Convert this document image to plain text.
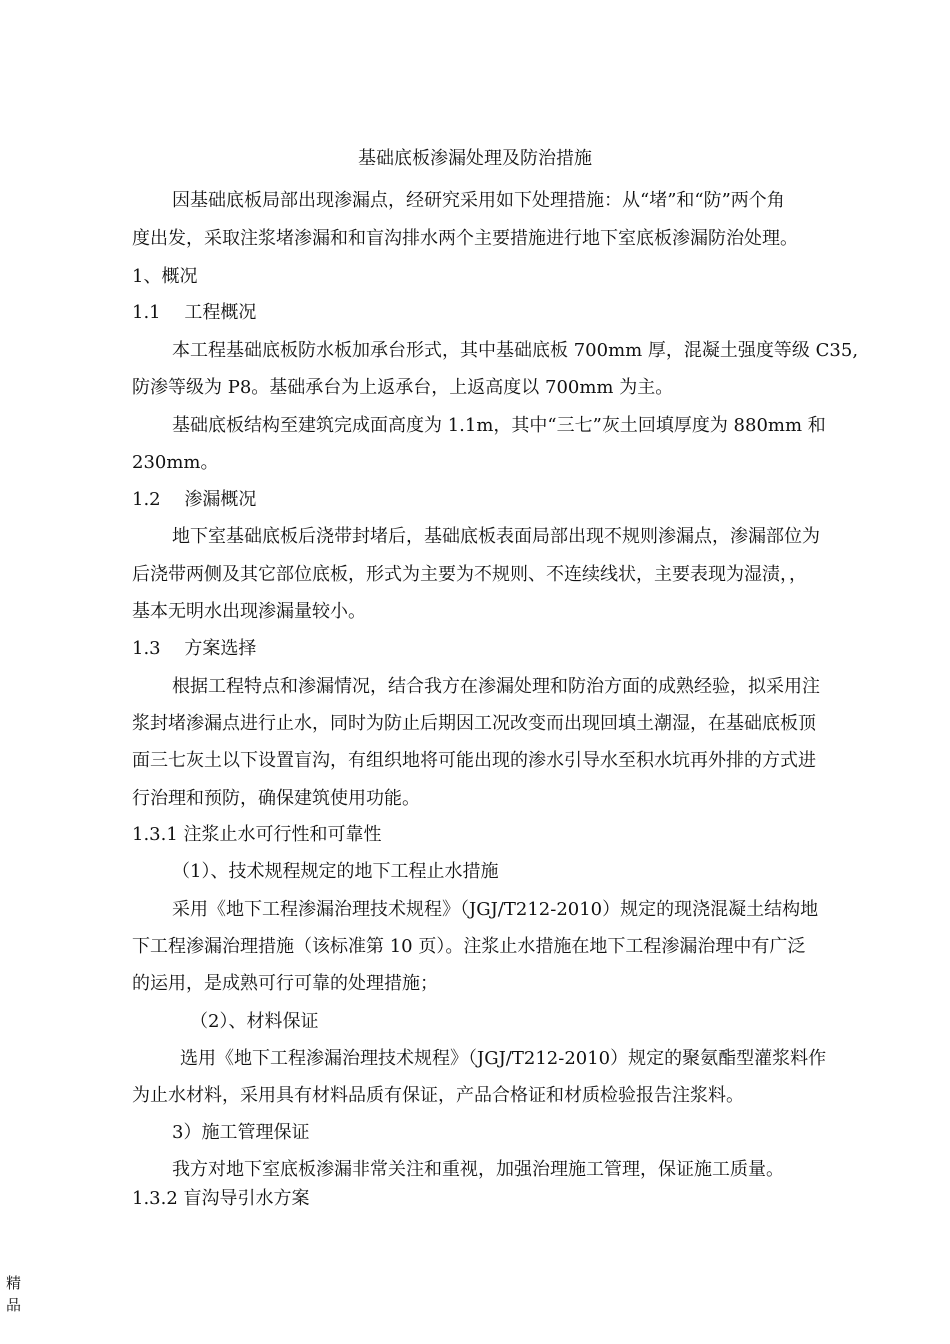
基础底板渗漏处理及防治措施
因基础底板局部出现渗漏点，经研究采用如下处理措施：从“堵”和“防”两个角
度出发，采取注浆堵渗漏和和盲沟排水两个主要措施进行地下室底板渗漏防治处理。
1、概况
1.1　 工程概况
本工程基础底板防水板加承台形式，其中基础底板 700mm 厚，混凝土强度等级 C35,
防渗等级为 P8。基础承台为上返承台，上返高度以 700mm 为主。
基础底板结构至建筑完成面高度为 1.1m，其中“三七”灰土回填厚度为 880mm 和
230mm。
1.2　 渗漏概况
地下室基础底板后浇带封堵后，基础底板表面局部出现不规则渗漏点，渗漏部位为
后浇带两侧及其它部位底板，形式为主要为不规则、不连续线状，主要表现为湿渍，，
基本无明水出现渗漏量较小。
1.3　 方案选择
根据工程特点和渗漏情况，结合我方在渗漏处理和防治方面的成熟经验，拟采用注
浆封堵渗漏点进行止水，同时为防止后期因工况改变而出现回填土潮湿，在基础底板顶
面三七灰土以下设置盲沟，有组织地将可能出现的渗水引导水至积水坑再外排的方式进
行治理和预防，确保建筑使用功能。
1.3.1 注浆止水可行性和可靠性
（1）、技术规程规定的地下工程止水措施
采用《地下工程渗漏治理技术规程》（JGJ/T212-2010）规定的现浇混凝土结构地
下工程渗漏治理措施（该标准第 10 页）。注浆止水措施在地下工程渗漏治理中有广泛
的运用，是成熟可行可靠的处理措施；
（2）、材料保证
选用《地下工程渗漏治理技术规程》（JGJ/T212-2010）规定的聚氨酯型灌浆料作
为止水材料，采用具有材料品质有保证，产品合格证和材质检验报告注浆料。
3）施工管理保证
我方对地下室底板渗漏非常关注和重视，加强治理施工管理，保证施工质量。
1.3.2 盲沟导引水方案
精品
